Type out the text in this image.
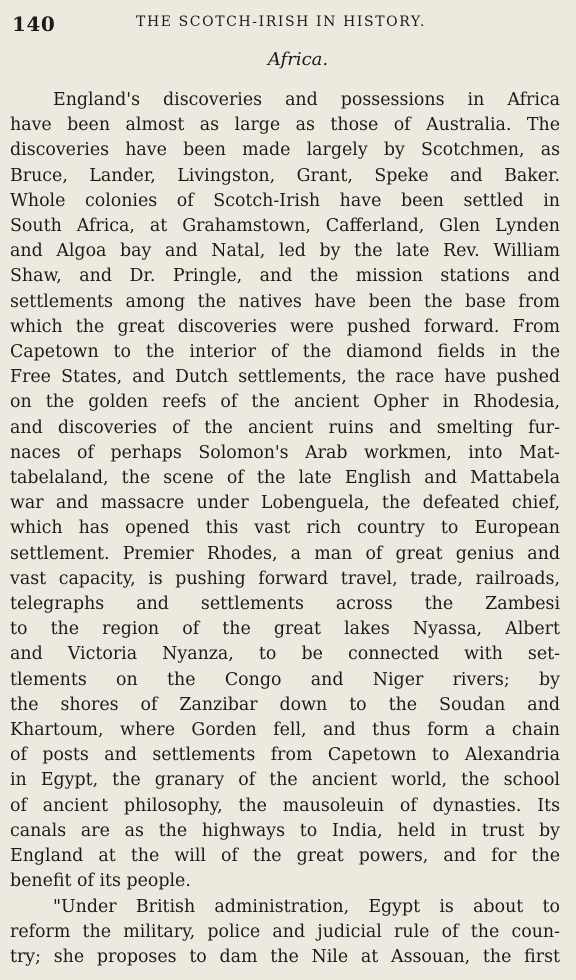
140	THE SCOTCH-IRISH IN HISTORY.
Africa.
England's discoveries and possessions in Africa
have been almost as large as those of Australia. The
discoveries have been made largely by Scotchmen, as
Bruce, Lander, Livingston, Grant, Speke and Baker.
Whole colonies of Scotch-Irish have been settled in
South Africa, at Grahamstown, Cafferland, Glen Lynden
and Algoa bay and Natal, led by the late Rev. William
Shaw, and Dr. Pringle, and the mission stations and
settlements among the natives have been the base from
which the great discoveries were pushed forward. From
Capetown to the interior of the diamond fields in the
Free States, and Dutch settlements, the race have pushed
on the golden reefs of the ancient Opher in Rhodesia,
and discoveries of the ancient ruins and smelting fur-
naces of perhaps Solomon's Arab workmen, into Mat-
tabelaland, the scene of the late English and Mattabela
war and massacre under Lobenguela, the defeated chief,
which has opened this vast rich country to European
settlement. Premier Rhodes, a man of great genius and
vast capacity, is pushing forward travel, trade, railroads,
telegraphs and settlements across the Zambesi
to the region of the great lakes Nyassa, Albert
and Victoria Nyanza, to be connected with set-
tlements on the Congo and Niger rivers; by
the shores of Zanzibar down to the Soudan and
Khartoum, where Gorden fell, and thus form a chain
of posts and settlements from Capetown to Alexandria
in Egypt, the granary of the ancient world, the school
of ancient philosophy, the mausoleuin of dynasties. Its
canals are as the highways to India, held in trust by
England at the will of the great powers, and for the
benefit of its people.
"Under British administration, Egypt is about to
reform the military, police and judicial rule of the coun-
try; she proposes to dam the Nile at Assouan, the first
